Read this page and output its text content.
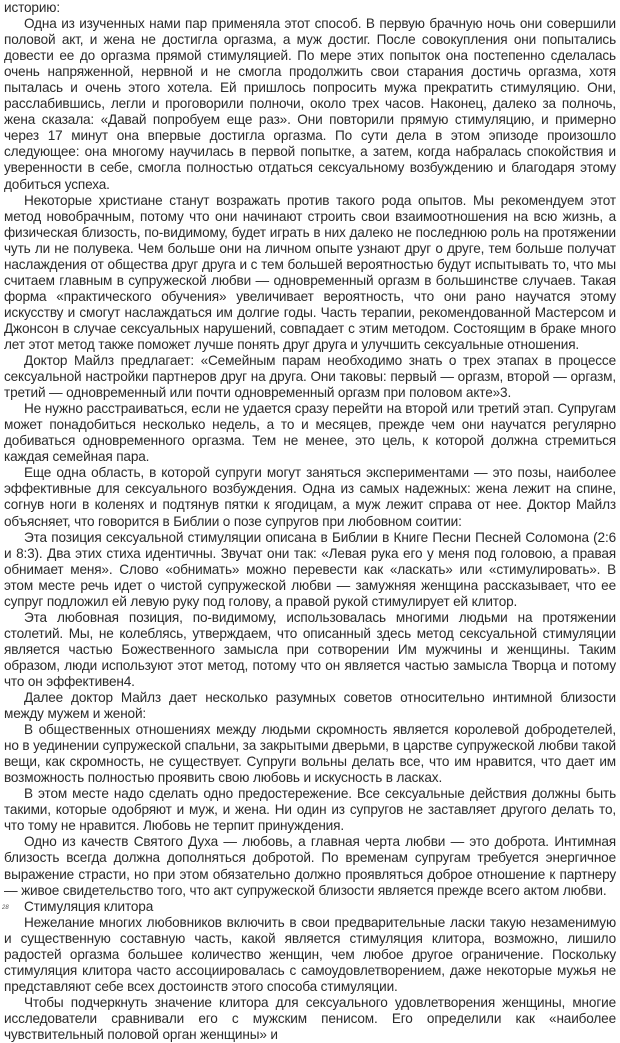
историю:

Одна из изученных нами пар применяла этот способ. В первую брачную ночь они совершили половой акт, и жена не достигла оргазма, а муж достиг. После совокупления они попытались довести ее до оргазма прямой стимуляцией. По мере этих попыток она постепенно сделалась очень напряженной, нервной и не смогла продолжить свои старания достичь оргазма, хотя пыталась и очень этого хотела. Ей пришлось попросить мужа прекратить стимуляцию. Они, расслабившись, легли и проговорили полночи, около трех часов. Наконец, далеко за полночь, жена сказала: «Давай попробуем еще раз». Они повторили прямую стимуляцию, и примерно через 17 минут она впервые достигла оргазма. По сути дела в этом эпизоде произошло следующее: она многому научилась в первой попытке, а затем, когда набралась спокойствия и уверенности в себе, смогла полностью отдаться сексуальному возбуждению и благодаря этому добиться успеха.

Некоторые христиане станут возражать против такого рода опытов. Мы рекомендуем этот метод новобрачным, потому что они начинают строить свои взаимоотношения на всю жизнь, а физическая близость, по-видимому, будет играть в них далеко не последнюю роль на протяжении чуть ли не полувека. Чем больше они на личном опыте узнают друг о друге, тем больше получат наслаждения от общества друг друга и с тем большей вероятностью будут испытывать то, что мы считаем главным в супружеской любви — одновременный оргазм в большинстве случаев. Такая форма «практического обучения» увеличивает вероятность, что они рано научатся этому искусству и смогут наслаждаться им долгие годы. Часть терапии, рекомендованной Мастерсом и Джонсон в случае сексуальных нарушений, совпадает с этим методом. Состоящим в браке много лет этот метод также поможет лучше понять друг друга и улучшить сексуальные отношения.

Доктор Майлз предлагает: «Семейным парам необходимо знать о трех этапах в процессе сексуальной настройки партнеров друг на друга. Они таковы: первый — оргазм, второй — оргазм, третий — одновременный или почти одновременный оргазм при половом акте»3.

Не нужно расстраиваться, если не удается сразу перейти на второй или третий этап. Супругам может понадобиться несколько недель, а то и месяцев, прежде чем они научатся регулярно добиваться одновременного оргазма. Тем не менее, это цель, к которой должна стремиться каждая семейная пара.

Еще одна область, в которой супруги могут заняться экспериментами — это позы, наиболее эффективные для сексуального возбуждения. Одна из самых надежных: жена лежит на спине, согнув ноги в коленях и подтянув пятки к ягодицам, а муж лежит справа от нее. Доктор Майлз объясняет, что говорится в Библии о позе супругов при любовном соитии:

Эта позиция сексуальной стимуляции описана в Библии в Книге Песни Песней Соломона (2:6 и 8:3). Два этих стиха идентичны. Звучат они так: «Левая рука его у меня под головою, а правая обнимает меня». Слово «обнимать» можно перевести как «ласкать» или «стимулировать». В этом месте речь идет о чистой супружеской любви — замужняя женщина рассказывает, что ее супруг подложил ей левую руку под голову, а правой рукой стимулирует ей клитор.

Эта любовная позиция, по-видимому, использовалась многими людьми на протяжении столетий. Мы, не колеблясь, утверждаем, что описанный здесь метод сексуальной стимуляции является частью Божественного замысла при сотворении Им мужчины и женщины. Таким образом, люди используют этот метод, потому что он является частью замысла Творца и потому что он эффективен4.

Далее доктор Майлз дает несколько разумных советов относительно интимной близости между мужем и женой:

В общественных отношениях между людьми скромность является королевой добродетелей, но в уединении супружеской спальни, за закрытыми дверьми, в царстве супружеской любви такой вещи, как скромность, не существует. Супруги вольны делать все, что им нравится, что дает им возможность полностью проявить свою любовь и искусность в ласках.

В этом месте надо сделать одно предостережение. Все сексуальные действия должны быть такими, которые одобряют и муж, и жена. Ни один из супругов не заставляет другого делать то, что тому не нравится. Любовь не терпит принуждения.

Одно из качеств Святого Духа — любовь, а главная черта любви — это доброта. Интимная близость всегда должна дополняться добротой. По временам супругам требуется энергичное выражение страсти, но при этом обязательно должно проявляться доброе отношение к партнеру — живое свидетельство того, что акт супружеской близости является прежде всего актом любви.

Стимуляция клитора

Нежелание многих любовников включить в свои предварительные ласки такую незаменимую и существенную составную часть, какой является стимуляция клитора, возможно, лишило радостей оргазма большее количество женщин, чем любое другое ограничение. Поскольку стимуляция клитора часто ассоциировалась с самоудовлетворением, даже некоторые мужья не представляют себе всех достоинств этого способа стимуляции.

Чтобы подчеркнуть значение клитора для сексуального удовлетворения женщины, многие исследователи сравнивали его с мужским пенисом. Его определили как «наиболее чувствительный половой орган женщины» и

28
